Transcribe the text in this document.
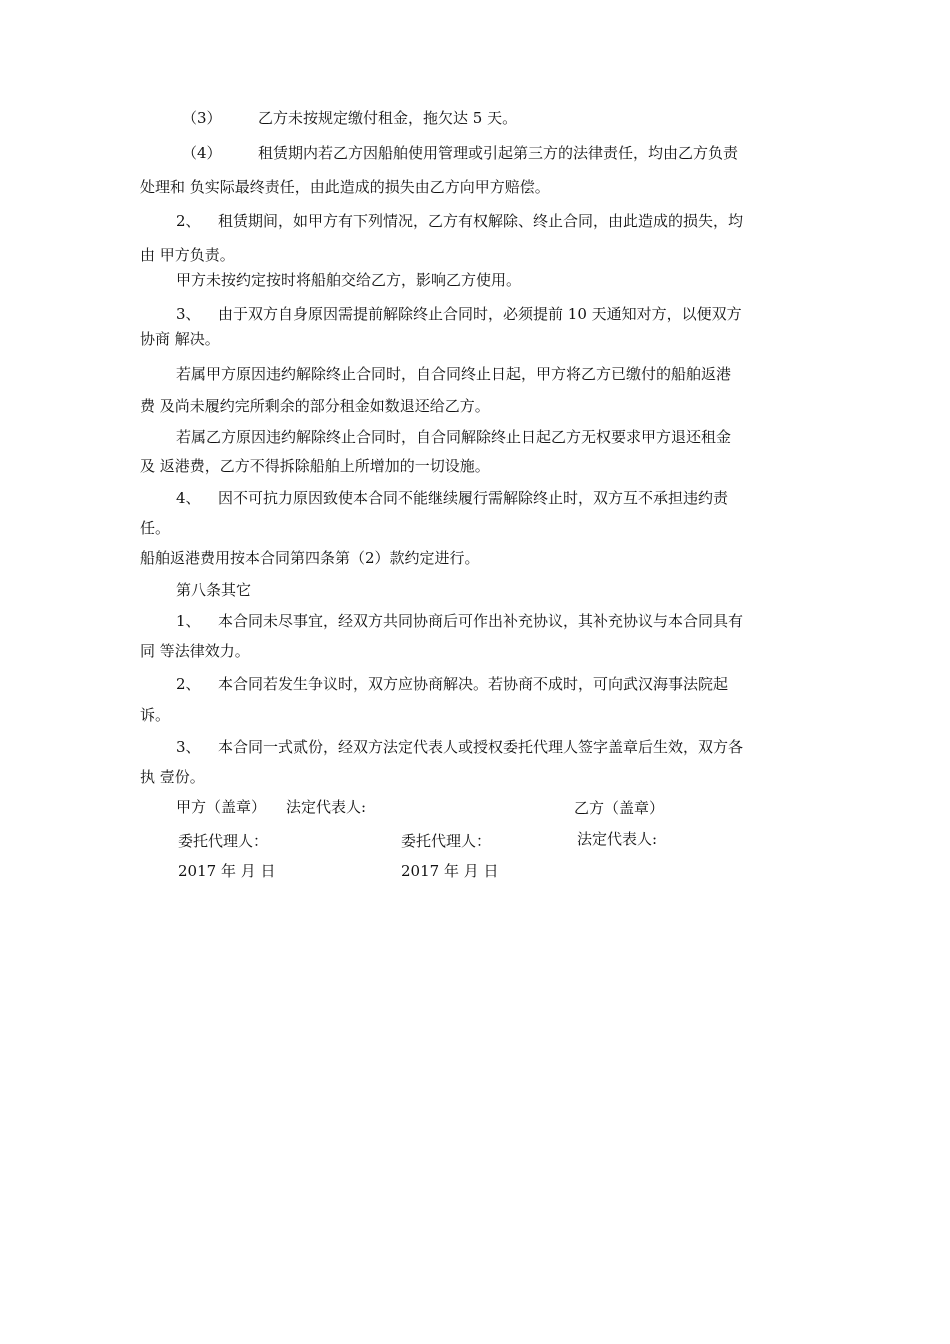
（3） 乙方未按规定缴付租金，拖欠达 5 天。
（4） 租赁期内若乙方因船舶使用管理或引起第三方的法律责任，均由乙方负责
处理和 负实际最终责任，由此造成的损失由乙方向甲方赔偿。
2、 租赁期间，如甲方有下列情况，乙方有权解除、终止合同，由此造成的损失，均
由 甲方负责。
甲方未按约定按时将船舶交给乙方，影响乙方使用。
3、 由于双方自身原因需提前解除终止合同时，必须提前 10 天通知对方，以便双方
协商 解决。
若属甲方原因违约解除终止合同时，自合同终止日起，甲方将乙方已缴付的船舶返港
费 及尚未履约完所剩余的部分租金如数退还给乙方。
若属乙方原因违约解除终止合同时，自合同解除终止日起乙方无权要求甲方退还租金
及 返港费，乙方不得拆除船舶上所增加的一切设施。
4、 因不可抗力原因致使本合同不能继续履行需解除终止时，双方互不承担违约责
任。
船舶返港费用按本合同第四条第（2）款约定进行。
第八条其它
1、 本合同未尽事宜，经双方共同协商后可作出补充协议，其补充协议与本合同具有
同 等法律效力。
2、 本合同若发生争议时，双方应协商解决。若协商不成时，可向武汉海事法院起
诉。
3、 本合同一式贰份，经双方法定代表人或授权委托代理人签字盖章后生效，双方各
执 壹份。
甲方（盖章） 法定代表人:	乙方（盖章）
委托代理人：	委托代理人：	法定代表人:
2017 年 月 日	2017 年 月 日
